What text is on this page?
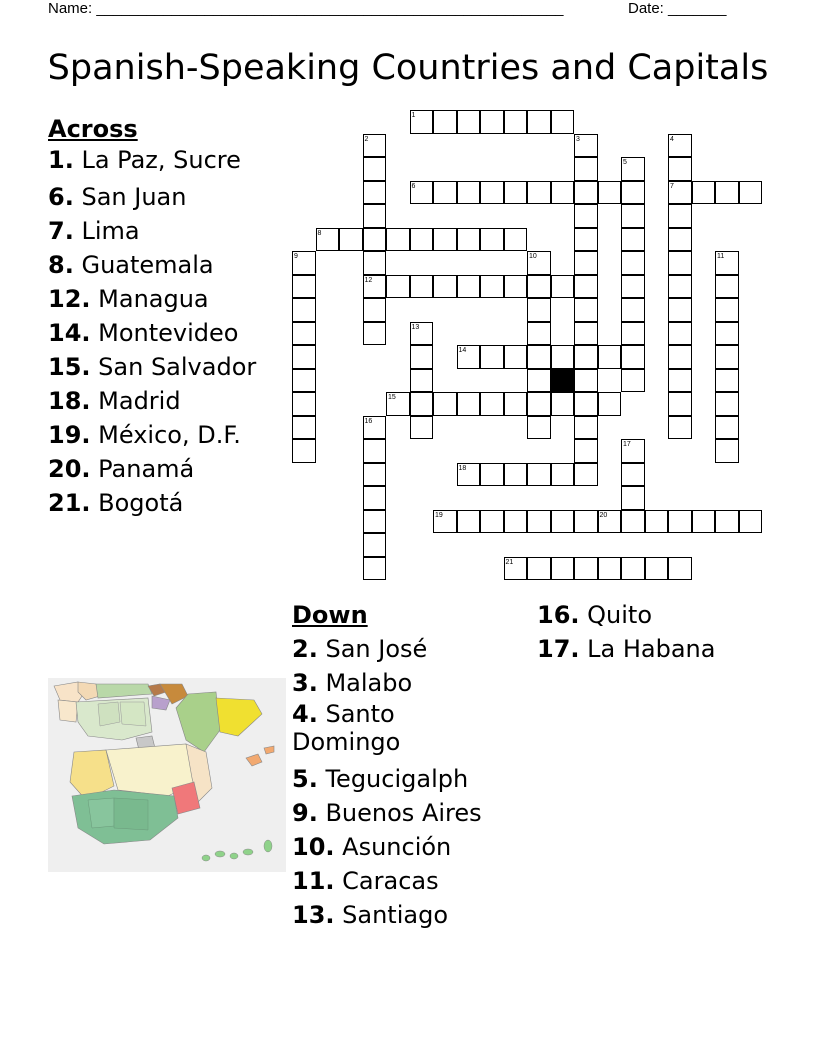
Name: ________________________________________________________	Date: _______
Spanish-Speaking Countries and Capitals
Across
1. La Paz, Sucre
6. San Juan
7. Lima
8. Guatemala
12. Managua
14. Montevideo
15. San Salvador
18. Madrid
19. México, D.F.
20. Panamá
21. Bogotá
Down
2. San José
3. Malabo
4. Santo Domingo
5. Tegucigalph
9. Buenos Aires
10. Asunción
11. Caracas
13. Santiago
16. Quito
17. La Habana
1
6	7
8
12
14
15
18
19	20
21
2	3	4
5
9	10	11
13
16
17
